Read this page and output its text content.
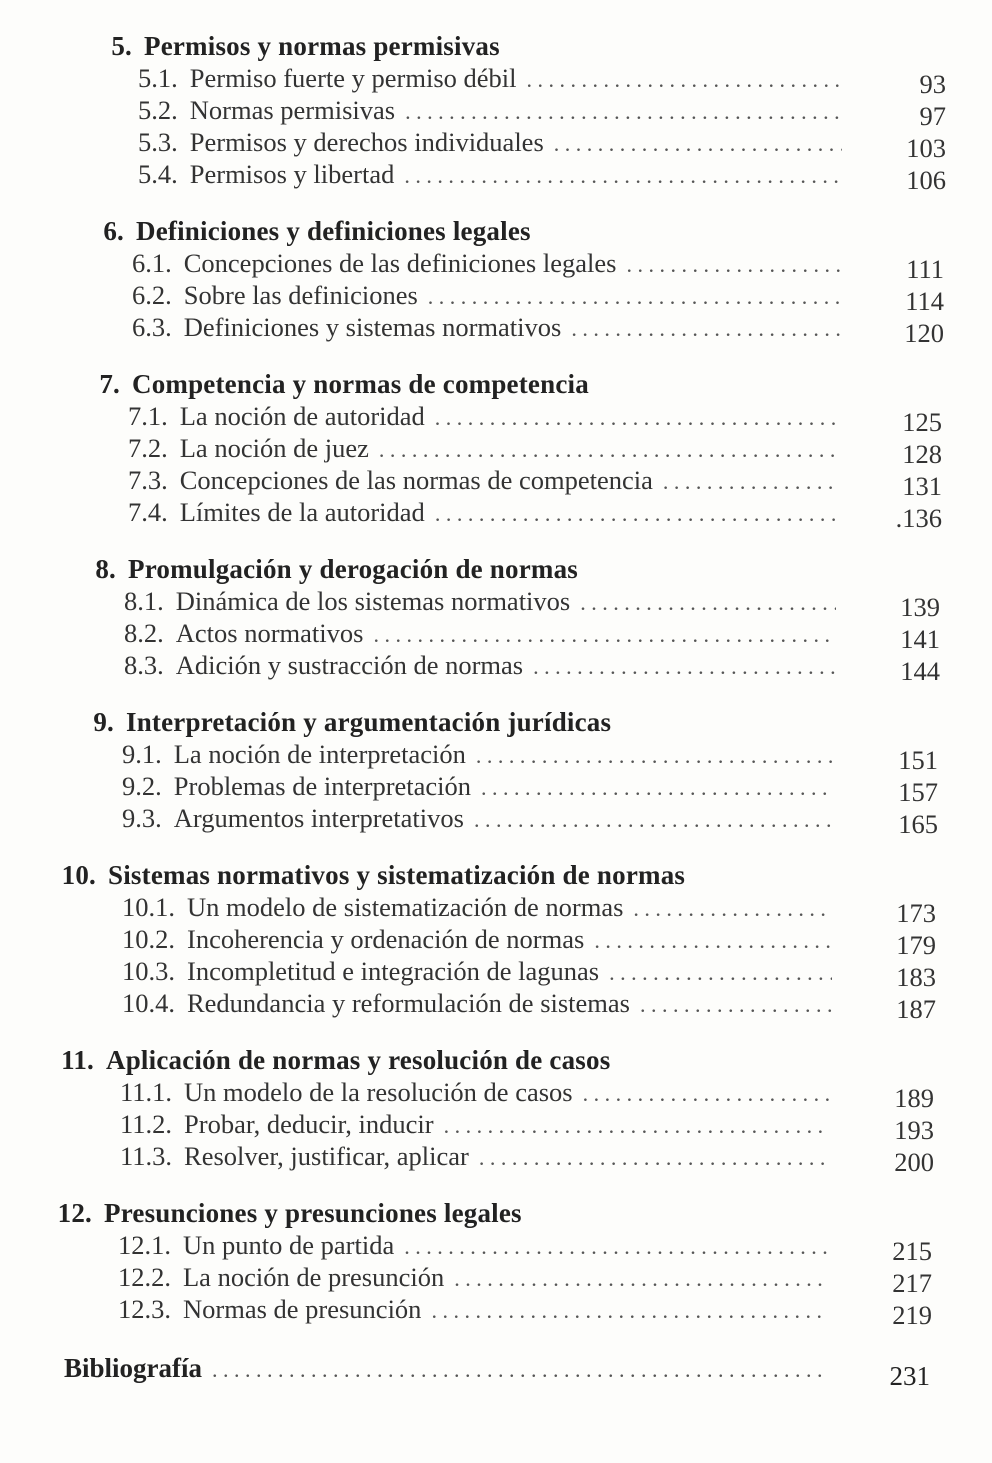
5. Permisos y normas permisivas
5.1. Permiso fuerte y permiso débil . . .	93
5.2. Normas permisivas . . .	97
5.3. Permisos y derechos individuales . . .	103
5.4. Permisos y libertad . . .	106
6. Definiciones y definiciones legales
6.1. Concepciones de las definiciones legales . . .	111
6.2. Sobre las definiciones . . .	114
6.3. Definiciones y sistemas normativos . . .	120
7. Competencia y normas de competencia
7.1. La noción de autoridad . . .	125
7.2. La noción de juez . . .	128
7.3. Concepciones de las normas de competencia . . .	131
7.4. Límites de la autoridad . . .	.136
8. Promulgación y derogación de normas
8.1. Dinámica de los sistemas normativos . . .	139
8.2. Actos normativos . . .	141
8.3. Adición y sustracción de normas . . .	144
9. Interpretación y argumentación jurídicas
9.1. La noción de interpretación . . .	151
9.2. Problemas de interpretación . . .	157
9.3. Argumentos interpretativos . . .	165
10. Sistemas normativos y sistematización de normas
10.1. Un modelo de sistematización de normas . . .	173
10.2. Incoherencia y ordenación de normas . . .	179
10.3. Incompletitud e integración de lagunas . . .	183
10.4. Redundancia y reformulación de sistemas . . .	187
11. Aplicación de normas y resolución de casos
11.1. Un modelo de la resolución de casos . . .	189
11.2. Probar, deducir, inducir . . .	193
11.3. Resolver, justificar, aplicar . . .	200
12. Presunciones y presunciones legales
12.1. Un punto de partida . . .	215
12.2. La noción de presunción . . .	217
12.3. Normas de presunción . . .	219
Bibliografía . . .	231
